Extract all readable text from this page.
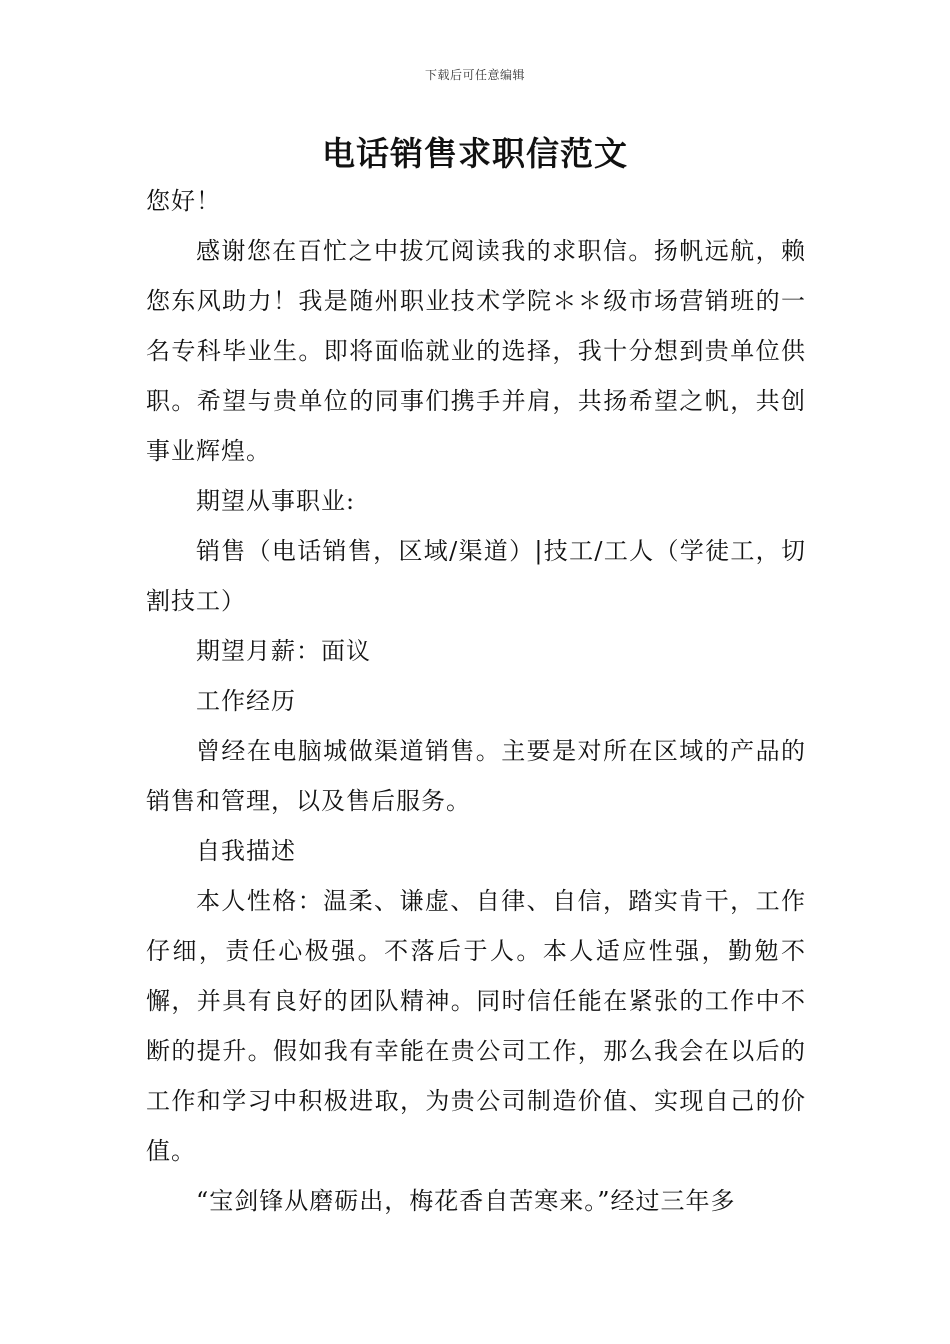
下载后可任意编辑
电话销售求职信范文

您好！

感谢您在百忙之中拔冗阅读我的求职信。扬帆远航，赖您东风助力！我是随州职业技术学院＊＊级市场营销班的一名专科毕业生。即将面临就业的选择，我十分想到贵单位供职。希望与贵单位的同事们携手并肩，共扬希望之帆，共创事业辉煌。

期望从事职业:

销售（电话销售，区域/渠道）|技工/工人（学徒工，切割技工）

期望月薪：面议

工作经历

曾经在电脑城做渠道销售。主要是对所在区域的产品的销售和管理，以及售后服务。

自我描述

本人性格：温柔、谦虚、自律、自信，踏实肯干，工作仔细，责任心极强。不落后于人。本人适应性强，勤勉不懈，并具有良好的团队精神。同时信任能在紧张的工作中不断的提升。假如我有幸能在贵公司工作，那么我会在以后的工作和学习中积极进取，为贵公司制造价值、实现自己的价值。

“宝剑锋从磨砺出，梅花香自苦寒来。”经过三年多
